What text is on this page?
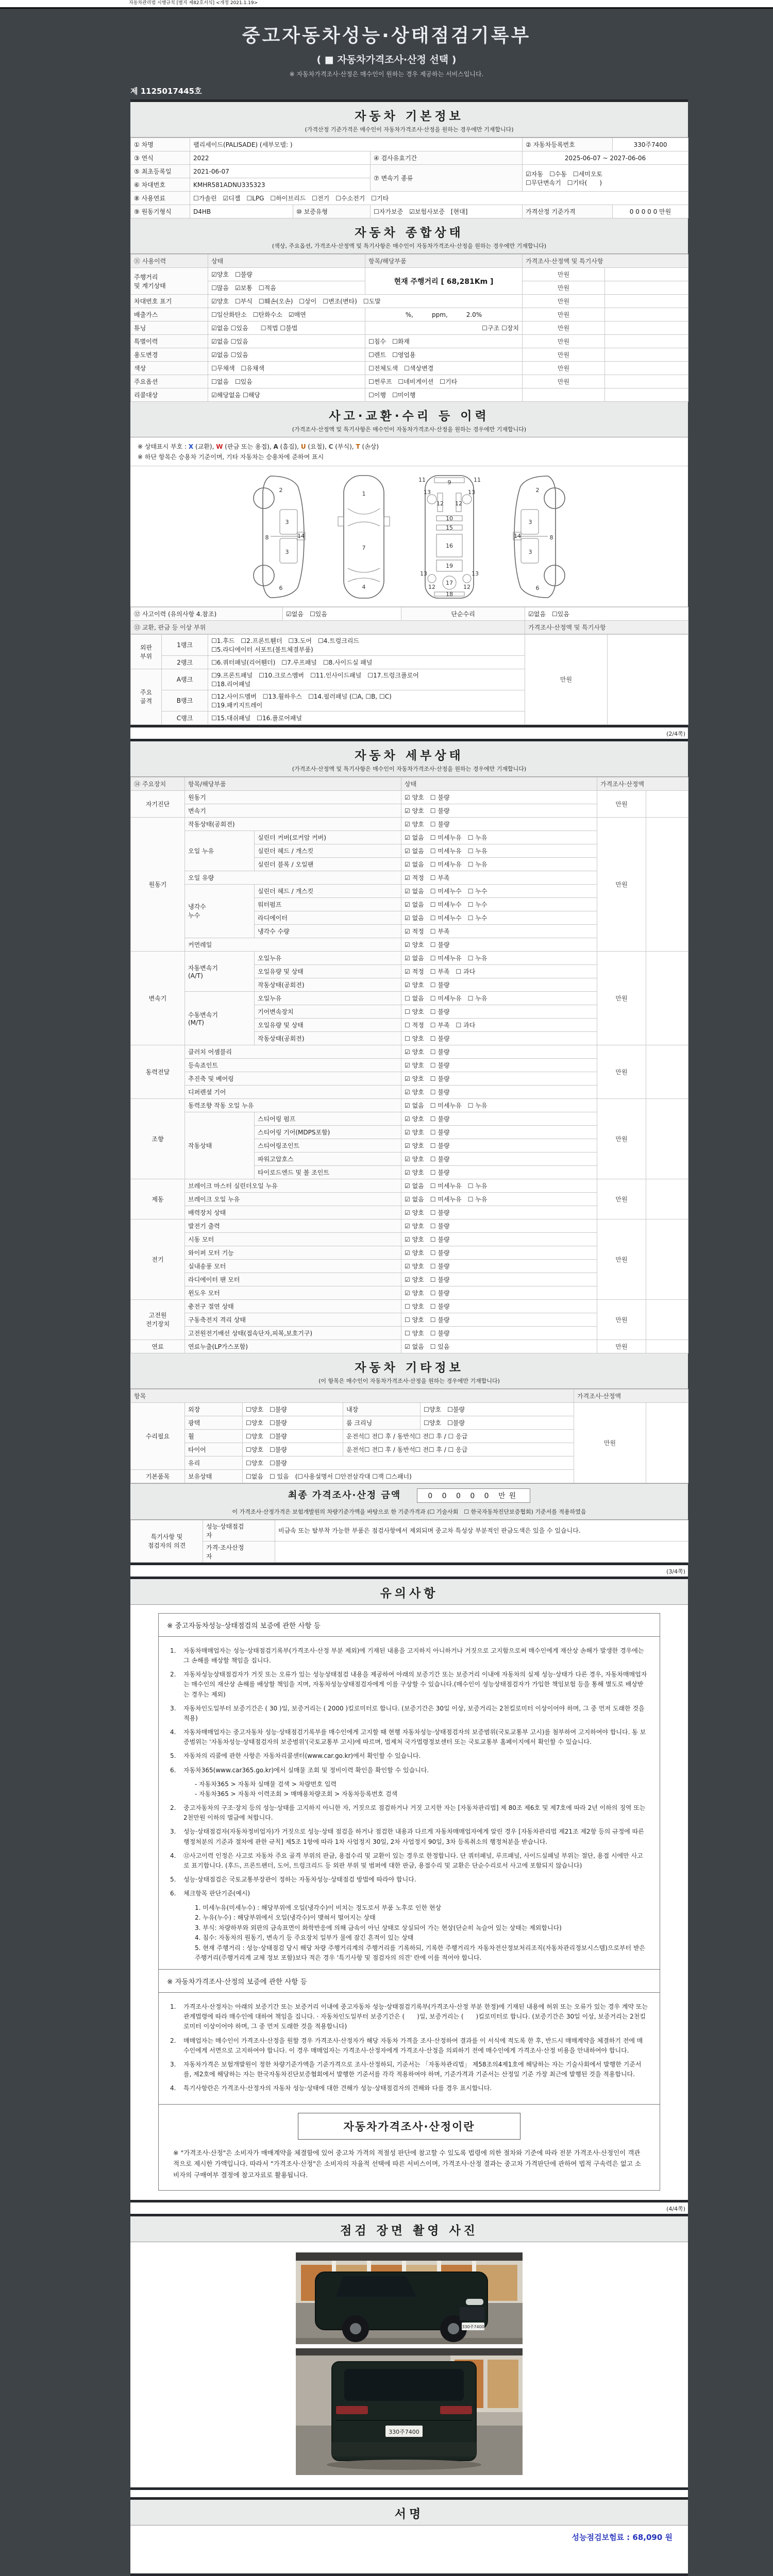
자동차관리법 시행규칙 [별지 제82호서식] <개정 2021.1.19>
중고자동차성능·상태점검기록부
( ■ 자동차가격조사·산정 선택 )
※ 자동차가격조사·산정은 매수인이 원하는 경우 제공하는 서비스입니다.
제 1125017445호
자동차 기본정보
(가격산정 기준가격은 매수인이 자동차가격조사·산정을 원하는 경우에만 기재합니다)
① 차명	팰리세이드(PALISADE) (세부모델: )			② 자동차등록번호	330주7400
③ 연식	2022		④ 검사유효기간	2025-06-07 ~ 2027-06-06	
⑤ 최초등록일	2021-06-07		⑦ 변속기 종류	☑자동　☐수동　☐세미오토
☐무단변속기　☐기타(　　)	
⑥ 차대번호	KMHR581ADNU335323				
⑧ 사용연료	☐가솔린　☑디젤　☐LPG　☐하이브리드　☐전기　☐수소전기　☐기타				
⑨ 원동기형식	D4HB	⑩ 보증유형	☐자가보증　☑보험사보증　[현대]	가격산정 기준가격	0 0 0 0 0 만원
자동차 종합상태
(색상, 주요옵션, 가격조사·산정액 및 특기사항은 매수인이 자동차가격조사·산정을 원하는 경우에만 기재합니다)
⑪ 사용이력	상태	항목/해당부품	가격조사·산정액 및 특기사항	
주행거리
및 계기상태	☑양호　☐불량	현재 주행거리 [ 68,281Km ]	만원	
	☐많음　☑보통　☐적음		만원	
차대번호 표기	☑양호　☐부식　☐훼손(오손)　☐상이　☐변조(변타)　☐도말		만원	
배출가스	☐일산화탄소　☐탄화수소　☑매연	%,　　　ppm,　　　2.0%	만원	
튜닝	☑없음 ☐있음　　☐적법 ☐불법	☐구조 ☐장치	만원	
특별이력	☑없음 ☐있음	☐침수　☐화재	만원	
용도변경	☑없음 ☐있음	☐렌트　☐영업용	만원	
색상	☐무채색　☐유채색	☐전체도색　☐색상변경	만원	
주요옵션	☐없음　☐있음	☐썬루프　☐네비게이션　☐기타	만원	
리콜대상	☑해당없음 ☐해당	☐이행　☐미이행		
사고·교환·수리 등 이력
(가격조사·산정액 및 특기사항은 매수인이 자동차가격조사·산정을 원하는 경우에만 기재합니다)
※ 상태표시 부호 : X (교환), W (판금 또는 용접), A (흠집), U (요철), C (부식), T (손상)
※ 하단 항목은 승용차 기준이며, 기타 자동차는 승용차에 준하여 표시
2
3
3
6
8	14
1
7
4
9
11	11
13
12 12
13
10
15
16
19
13
12
17
12
13
18
2
3
3
6
8
14
⑫ 사고이력 (유의사항 4.참조)	☑없음　☐있음	단순수리	☑없음　☐있음
⑬ 교환, 판금 등 이상 부위			가격조사·산정액 및 특기사항
외판
부위	1랭크	☐1.후드　☐2.프론트휀더　☐3.도어　☐4.트렁크리드
☐5.라디에이터 서포트(볼트체결부품)	만원	
	2랭크	☐6.쿼터패널(리어휀더)　☐7.루프패널　☐8.사이드실 패널		
주요
골격	A랭크	☐9.프론트패널　☐10.크로스멤버　☐11.인사이드패널　☐17.트렁크플로어
☐18.리어패널		
	B랭크	☐12.사이드멤버　☐13.휠하우스　☐14.필러패널 (☐A, ☐B, ☐C)
☐19.패키지트레이		
	C랭크	☐15.대쉬패널　☐16.플로어패널		
(2/4쪽)
자동차 세부상태
(가격조사·산정액 및 특기사항은 매수인이 자동차가격조사·산정을 원하는 경우에만 기재합니다)
⑭ 주요장치	항목/해당부품		상태	가격조사·산정액	
자기진단	원동기		☑ 양호　☐ 불량	만원	
	변속기		☑ 양호　☐ 불량		
원동기	작동상태(공회전)		☑ 양호　☐ 불량	만원	
	오일 누유	실린더 커버(로커암 커버)	☑ 없음　☐ 미세누유　☐ 누유		
		실린더 헤드 / 개스킷	☑ 없음　☐ 미세누유　☐ 누유		
		실린더 블록 / 오일팬	☑ 없음　☐ 미세누유　☐ 누유		
	오일 유량		☑ 적정　☐ 부족		
	냉각수
누수	실린더 헤드 / 개스킷	☑ 없음　☐ 미세누수　☐ 누수		
		워터펌프	☑ 없음　☐ 미세누수　☐ 누수		
		라디에이터	☑ 없음　☐ 미세누수　☐ 누수		
		냉각수 수량	☑ 적정　☐ 부족		
	커먼레일		☑ 양호　☐ 불량		
변속기	자동변속기
(A/T)	오일누유	☑ 없음　☐ 미세누유　☐ 누유	만원	
		오일유량 및 상태	☑ 적정　☐ 부족　☐ 과다		
		작동상태(공회전)	☑ 양호　☐ 불량		
	수동변속기
(M/T)	오일누유	☐ 없음　☐ 미세누유　☐ 누유		
		기어변속장치	☐ 양호　☐ 불량		
		오일유량 및 상태	☐ 적정　☐ 부족　☐ 과다		
		작동상태(공회전)	☐ 양호　☐ 불량		
동력전달	클러치 어셈블리		☑ 양호　☐ 불량	만원	
	등속죠인트		☑ 양호　☐ 불량		
	추진축 및 베어링		☑ 양호　☐ 불량		
	디퍼렌셜 기어		☑ 양호　☐ 불량		
조향	동력조향 작동 오일 누유		☑ 없음　☐ 미세누유　☐ 누유	만원	
	작동상태	스티어링 펌프	☑ 양호　☐ 불량		
		스티어링 기어(MDPS포함)	☑ 양호　☐ 불량		
		스티어링조인트	☑ 양호　☐ 불량		
		파워고압호스	☑ 양호　☐ 불량		
		타이로드엔드 및 볼 조인트	☑ 양호　☐ 불량		
제동	브레이크 마스터 실린더오일 누유		☑ 없음　☐ 미세누유　☐ 누유	만원	
	브레이크 오일 누유		☑ 없음　☐ 미세누유　☐ 누유		
	배력장치 상태		☑ 양호　☐ 불량		
전기	발전기 출력		☑ 양호　☐ 불량	만원	
	시동 모터		☑ 양호　☐ 불량		
	와이퍼 모터 기능		☑ 양호　☐ 불량		
	실내송풍 모터		☑ 양호　☐ 불량		
	라디에이터 팬 모터		☑ 양호　☐ 불량		
	윈도우 모터		☑ 양호　☐ 불량		
고전원
전기장치	충전구 절연 상태		☐ 양호　☐ 불량	만원	
	구동축전지 격리 상태		☐ 양호　☐ 불량		
	고전원전기배선 상태(접속단자,피복,보호기구)		☐ 양호　☐ 불량		
연료	연료누출(LP가스포함)		☑ 없음　☐ 있음	만원	
자동차 기타정보
(이 항목은 매수인이 자동차가격조사·산정을 원하는 경우에만 기재합니다)
항목					가격조사·산정액	
수리필요	외장	☐양호　☐불량	내장	☐양호　☐불량	만원	
	광택	☐양호　☐불량	룸 크리닝	☐양호　☐불량		
	휠	☐양호　☐불량	운전석☐ 전☐ 후 / 동반석☐ 전☐ 후 / ☐ 응급			
	타이어	☐양호　☐불량	운전석☐ 전☐ 후 / 동반석☐ 전☐ 후 / ☐ 응급			
	유리	☐양호　☐불량				
기본품목	보유상태	☐없음　☐ 있음　(☐사용설명서 ☐안전삼각대 ☐잭 ☐스패너)				
최종 가격조사·산정 금액	0 0 0 0 0 만원
이 가격조사·산정가격은 보험개발원의 차량기준가액을 바탕으로 한 기준가격과 (☐ 기술사회　☐ 한국자동차진단보증협회) 기준서를 적용하였음
특기사항 및
점검자의 의견	성능·상태점검
자	비금속 또는 탈부착 가능한 부품은 점검사항에서 제외되며 중고차 특성상 부분적인 판금도색은 있을 수 있습니다.
	가격·조사산정
자	
(3/4쪽)
유의사항
※ 중고자동차성능·상태점검의 보증에 관한 사항 등
1.	자동차매매업자는 성능·상태점검기록부(가격조사·산정 부분 제외)에 기재된 내용을 고지하지 아니하거나 거짓으로 고지함으로써 매수인에게 재산상 손해가 발생한 경우에는 그 손해를 배상할 책임을 집니다.
2.	자동차성능상태점검자가 거짓 또는 오류가 있는 성능상태점검 내용을 제공하여 아래의 보증기간 또는 보증거리 이내에 자동차의 실제 성능·상태가 다른 경우, 자동차매매업자는 매수인의 재산상 손해를 배상할 책임을 지며, 자동차성능상태점검자에게 이를 구상할 수 있습니다.(매수인이 성능상태점검자가 가입한 책임보험 등을 통해 별도로 배상받는 경우는 제외)
3.	자동차인도일부터 보증기간은 ( 30 )일, 보증거리는 ( 2000 )킬로미터로 합니다. (보증기간은 30일 이상, 보증거리는 2천킬로미터 이상이어야 하며, 그 중 먼저 도래한 것을 적용)
4.	자동차매매업자는 중고자동차 성능·상태점검기록부를 매수인에게 고지할 때 현행 자동차성능·상태점검자의 보증범위(국토교통부 고시)를 첨부하여 고지하여야 합니다. 동 보증범위는 '자동차성능·상태점검자의 보증범위'(국토교통부 고시)에 따르며, 법제처 국가법령정보센터 또는 국토교통부 홈페이지에서 확인할 수 있습니다.
5.	자동차의 리콜에 관한 사항은 자동차리콜센터(www.car.go.kr)에서 확인할 수 있습니다.
6.	자동차365(www.car365.go.kr)에서 실매물 조회 및 정비이력 확인을 확인할 수 있습니다.
- 자동차365 > 자동차 실매물 검색 > 차량번호 입력
- 자동차365 > 자동차 이력조회 > 매매용차량조회 > 자동차등록번호 검색
2.	중고자동차의 구조·장치 등의 성능·상태를 고지하지 아니한 자, 거짓으로 점검하거나 거짓 고지한 자는 [자동차관리법] 제 80조 제6호 및 제7호에 따라 2년 이하의 징역 또는 2천만원 이하의 벌금에 처합니다.
3.	성능·상태점검자(자동차정비업자)가 거짓으로 성능·상태 점검을 하거나 점검한 내용과 다르게 자동차매매업자에게 알린 경우 [자동차관리법 제21조 제2항 등의 규정에 따른 행정처분의 기준과 절차에 관한 규칙] 제5조 1항에 따라 1차 사업정지 30일, 2차 사업정지 90일, 3차 등록취소의 행정처분을 받습니다.
4.	⑫사고이력 인정은 사고로 자동차 주요 골격 부위의 판금, 용접수리 및 교환이 있는 경우로 한정합니다. 단 쿼터패널, 루프패널, 사이드실패널 부위는 절단, 용접 시에만 사고로 표기합니다. (후드, 프론트펜더, 도어, 트렁크리드 등 외판 부위 및 범퍼에 대한 판금, 용접수리 및 교환은 단순수리로서 사고에 포함되지 않습니다)
5.	성능·상태점검은 국토교통부장관이 정하는 자동차성능·상태점검 방법에 따라야 합니다.
6.	체크항목 판단기준(예시)
1. 미세누유(미세누수) : 해당부위에 오일(냉각수)이 비치는 정도로서 부품 노후로 인한 현상
2. 누유(누수) : 해당부위에서 오일(냉각수)이 맺혀서 떨어지는 상태
3. 부식: 차량하부와 외판의 금속표면이 화학반응에 의해 금속이 아닌 상태로 상실되어 가는 현상(단순히 녹슬어 있는 상태는 제외합니다)
4. 침수: 자동차의 원동기, 변속기 등 주요장치 일부가 물에 잠긴 흔적이 있는 상태
5. 현재 주행거리 : 성능·상태점검 당시 해당 차량 주행거리계의 주행거리를 기록하되, 기록한 주행거리가 자동차전산정보처리조직(자동차관리정보시스템)으로부터 받은 주행거리(주행거리계 교체 정보 포함)보다 적은 경우 '특기사항 및 점검자의 의견' 란에 이를 적어야 합니다.
※ 자동차가격조사·산정의 보증에 관한 사항 등
1.	가격조사·산정자는 아래의 보증기간 또는 보증거리 이내에 중고자동차 성능·상태점검기록부(가격조사·산정 부분 한정)에 기재된 내용에 허위 또는 오류가 있는 경우 계약 또는 관계법령에 따라 매수인에 대하여 책임을 집니다. · 자동차인도일부터 보증기간은 (　　)일, 보증거리는 (　　)킬로미터로 합니다. (보증기간은 30일 이상, 보증거리는 2천킬로미터 이상이어야 하며, 그 중 먼저 도래한 것을 적용합니다)
2.	매매업자는 매수인이 가격조사·산정을 원할 경우 가격조사·산정자가 해당 자동차 가격을 조사·산정하여 결과를 이 서식에 적도록 한 후, 반드시 매매계약을 체결하기 전에 매수인에게 서면으로 고지하여야 합니다. 이 경우 매매업자는 가격조사·산정자에게 가격조사·산정을 의뢰하기 전에 매수인에게 가격조사·산정 비용을 안내하여야 합니다.
3.	자동차가격은 보험개발원이 정한 차량기준가액을 기준가격으로 조사·산정하되, 기준서는 「자동차관리법」 제58조의4제1호에 해당하는 자는 기술사회에서 발행한 기준서를, 제2호에 해당하는 자는 한국자동차진단보증협회에서 발행한 기준서를 각각 적용하여야 하며, 기준가격과 기준서는 산정일 기준 가장 최근에 발행된 것을 적용합니다.
4.	특기사항란은 가격조사·산정자의 자동차 성능·상태에 대한 견해가 성능·상태점검자의 견해와 다를 경우 표시합니다.
자동차가격조사·산정이란
※ "가격조사·산정"은 소비자가 매매계약을 체결함에 있어 중고차 가격의 적절성 판단에 참고할 수 있도록 법령에 의한 절차와 기준에 따라 전문 가격조사·산정인이 객관적으로 제시한 가액입니다. 따라서 "가격조사·산정"은 소비자의 자율적 선택에 따른 서비스이며, 가격조사·산정 결과는 중고차 가격판단에 관하여 법적 구속력은 없고 소비자의 구매여부 결정에 참고자료로 활용됩니다.
(4/4쪽)
점검 장면 촬영 사진
330주7400
330주7400
서명
성능점검보험료 : 68,090 원
